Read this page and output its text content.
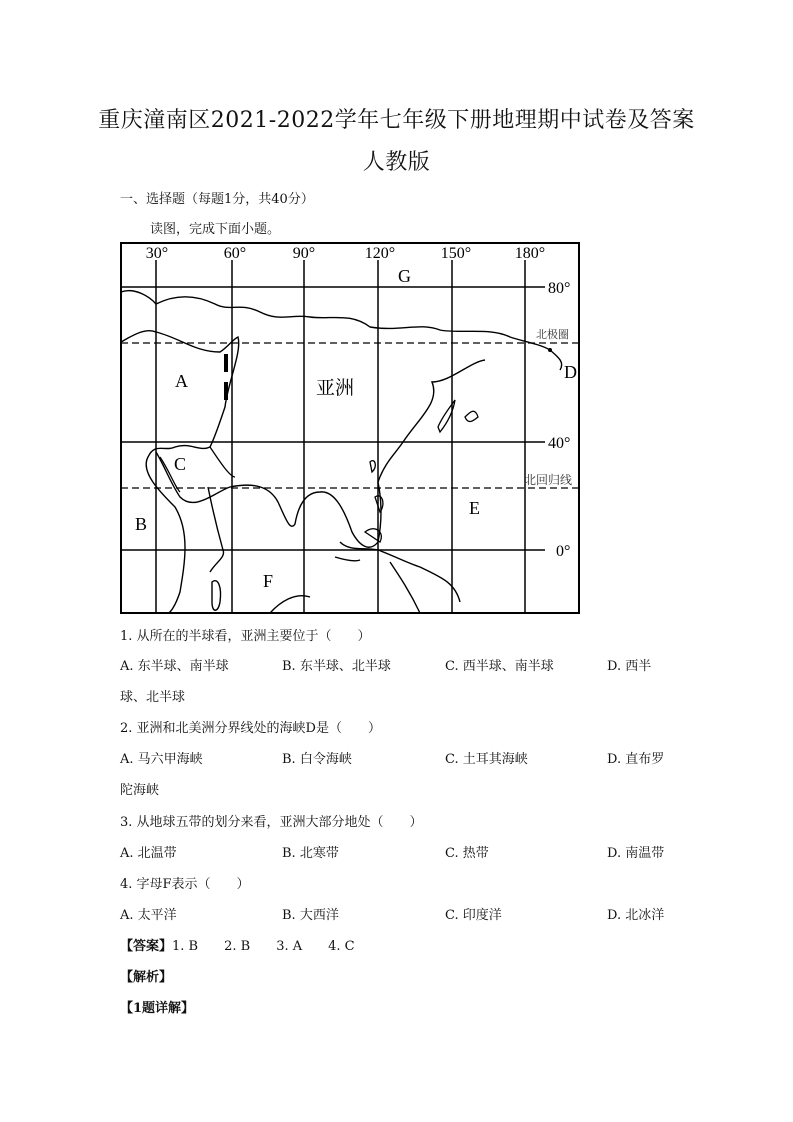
重庆潼南区2021-2022学年七年级下册地理期中试卷及答案
人教版
一、选择题（每题1分，共40分）
读图，完成下面小题。
30°	60°	90°	120°	150°	180°
80°
40°
0°
北极圈
北回归线
A
B
C
D
E
F
G
亚洲
1. 从所在的半球看，亚洲主要位于（　　）
A. 东半球、南半球	B. 东半球、北半球	C. 西半球、南半球	D. 西半
球、北半球
2. 亚洲和北美洲分界线处的海峡D是（　　）
A. 马六甲海峡	B. 白令海峡	C. 土耳其海峡	D. 直布罗
陀海峡
3. 从地球五带的划分来看，亚洲大部分地处（　　）
A. 北温带	B. 北寒带	C. 热带	D. 南温带
4. 字母F表示（　　）
A. 太平洋	B. 大西洋	C. 印度洋	D. 北冰洋
【答案】1. B　　2. B　　3. A　　4. C
【解析】
【1题详解】
